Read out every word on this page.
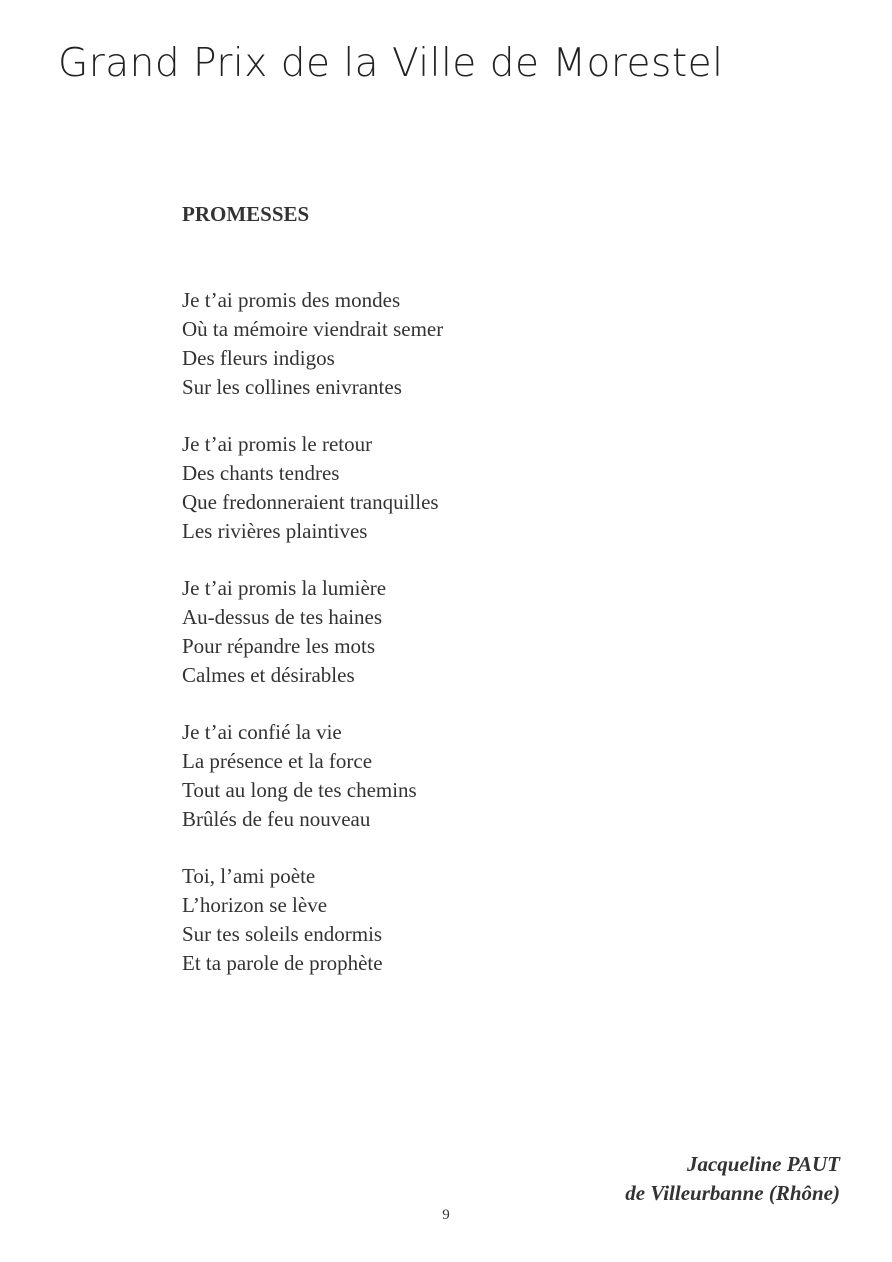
Grand Prix de la Ville de Morestel
PROMESSES
Je t’ai promis des mondes
Où ta mémoire viendrait semer
Des fleurs indigos
Sur les collines enivrantes
Je t’ai promis le retour
Des chants tendres
Que fredonneraient tranquilles
Les rivières plaintives
Je t’ai promis la lumière
Au-dessus de tes haines
Pour répandre les mots
Calmes et désirables
Je t’ai confié la vie
La présence et la force
Tout au long de tes chemins
Brûlés de feu nouveau
Toi, l’ami poète
L’horizon se lève
Sur tes soleils endormis
Et ta parole de prophète
Jacqueline PAUT
de Villeurbanne (Rhône)
9
